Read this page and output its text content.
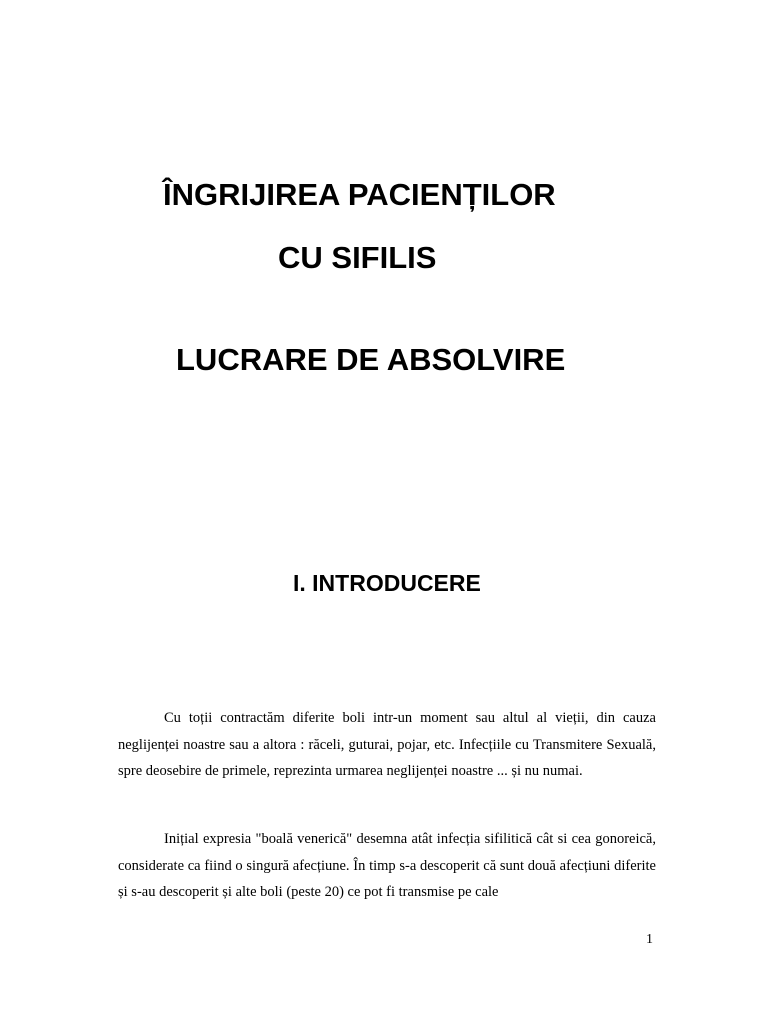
ÎNGRIJIREA PACIENȚILOR
CU SIFILIS
LUCRARE DE ABSOLVIRE
I. INTRODUCERE

Cu toții contractăm diferite boli intr-un moment sau altul al vieții, din cauza neglijenței noastre sau a altora : răceli, guturai, pojar, etc. Infecțiile cu Transmitere Sexuală, spre deosebire de primele, reprezinta urmarea neglijenței noastre ... și nu numai.

Inițial expresia "boală venerică" desemna atât infecția sifilitică cât si cea gonoreică, considerate ca fiind o singură afecțiune. În timp s-a descoperit că sunt două afecțiuni diferite și s-au descoperit și alte boli (peste 20) ce pot fi transmise pe cale

1
